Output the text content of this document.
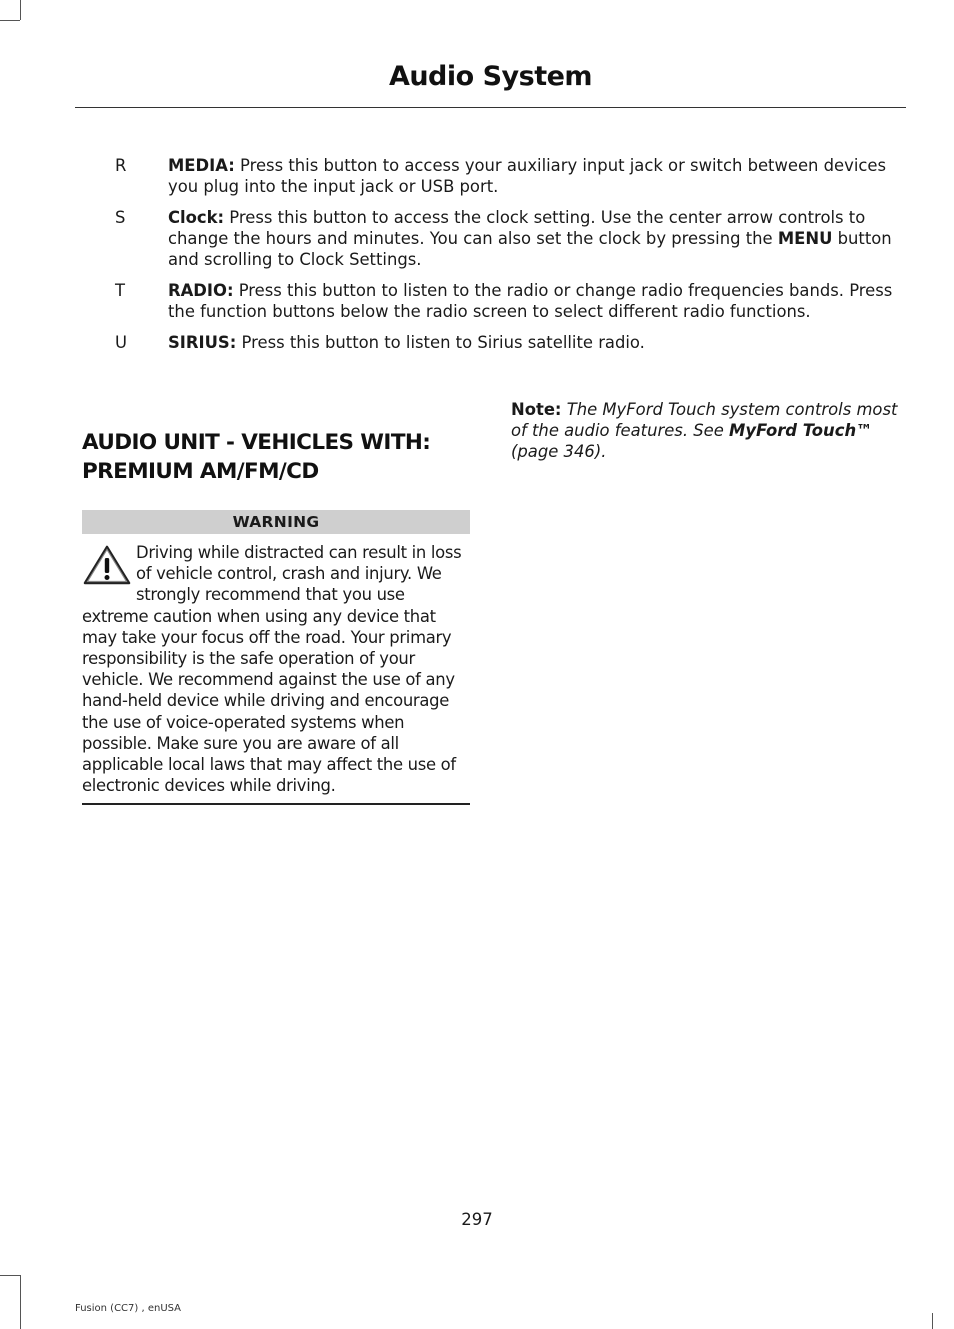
Audio System
R	MEDIA: Press this button to access your auxiliary input jack or switch between devices you plug into the input jack or USB port.
S	Clock: Press this button to access the clock setting. Use the center arrow controls to change the hours and minutes. You can also set the clock by pressing the MENU button and scrolling to Clock Settings.
T	RADIO: Press this button to listen to the radio or change radio frequencies bands. Press the function buttons below the radio screen to select different radio functions.
U	SIRIUS: Press this button to listen to Sirius satellite radio.
AUDIO UNIT - VEHICLES WITH: PREMIUM AM/FM/CD
WARNING
Driving while distracted can result in loss of vehicle control, crash and injury. We strongly recommend that you use extreme caution when using any device that may take your focus off the road. Your primary responsibility is the safe operation of your vehicle. We recommend against the use of any hand-held device while driving and encourage the use of voice-operated systems when possible. Make sure you are aware of all applicable local laws that may affect the use of electronic devices while driving.
Note: The MyFord Touch system controls most of the audio features. See MyFord Touch™ (page 346).
297
Fusion (CC7) , enUSA
